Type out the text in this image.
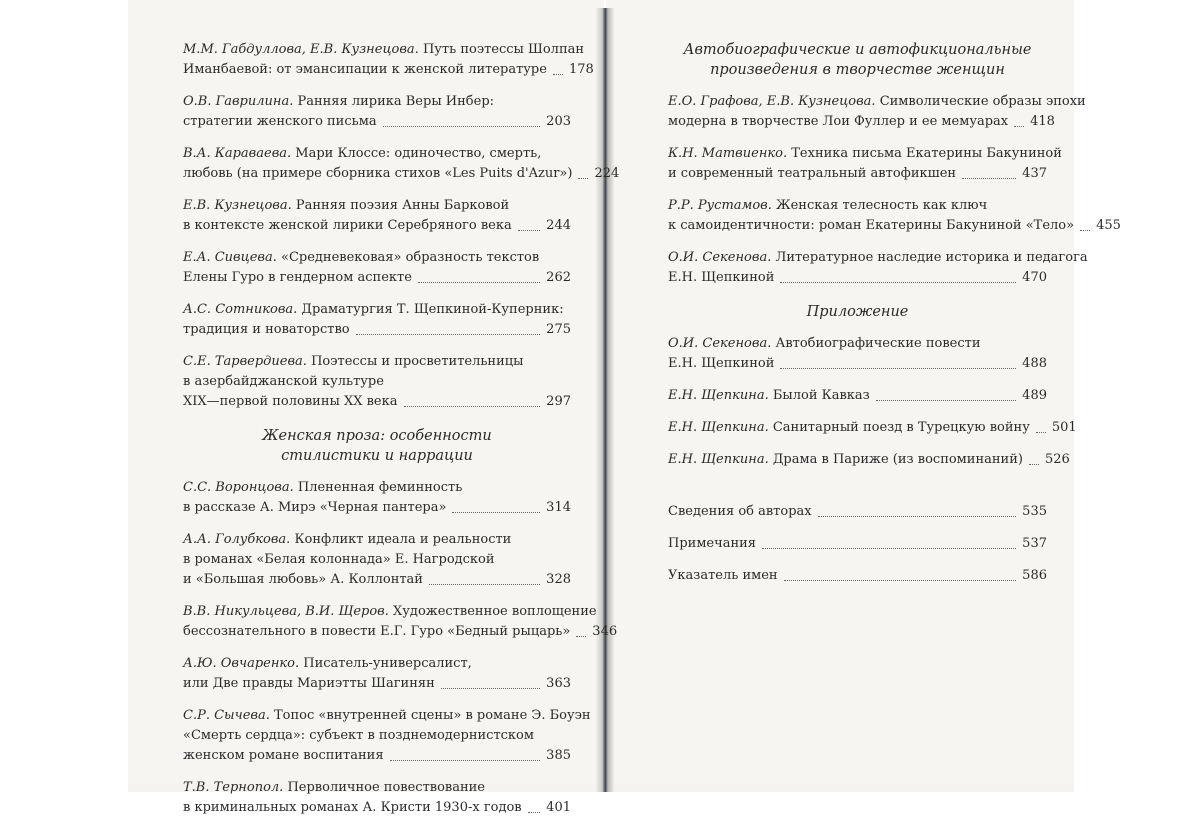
М.М. Габдуллова, Е.В. Кузнецова. Путь поэтессы Шолпан
Иманбаевой: от эмансипации к женской литературе 178
О.В. Гаврилина. Ранняя лирика Веры Инбер:
стратегии женского письма	203
В.А. Караваева. Мари Клоссе: одиночество, смерть,
любовь (на примере сборника стихов «Les Puits d'Azur») 224
Е.В. Кузнецова. Ранняя поэзия Анны Барковой
в контексте женской лирики Серебряного века	244
Е.А. Сивцева. «Средневековая» образность текстов
Елены Гуро в гендерном аспекте	262
А.С. Сотникова. Драматургия Т. Щепкиной-Куперник:
традиция и новаторство	275
С.Е. Тарвердиева. Поэтессы и просветительницы
в азербайджанской культуре
XIX—первой половины XX века	297
Женская проза: особенности
стилистики и наррации
С.С. Воронцова. Плененная феминность
в рассказе А. Мирэ «Черная пантера»	314
А.А. Голубкова. Конфликт идеала и реальности
в романах «Белая колоннада» Е. Нагродской
и «Большая любовь» А. Коллонтай	328
В.В. Никульцева, В.И. Щеров. Художественное воплощение
бессознательного в повести Е.Г. Гуро «Бедный рыцарь» 346
А.Ю. Овчаренко. Писатель-универсалист,
или Две правды Мариэтты Шагинян	363
С.Р. Сычева. Топос «внутренней сцены» в романе Э. Боуэн
«Смерть сердца»: субъект в позднемодернистском
женском романе воспитания	385
Т.В. Тернопол. Перволичное повествование
в криминальных романах А. Кристи 1930-х годов 401
Автобиографические и автофикциональные
произведения в творчестве женщин
Е.О. Графова, Е.В. Кузнецова. Символические образы эпохи
модерна в творчестве Лои Фуллер и ее мемуарах 418
К.Н. Матвиенко. Техника письма Екатерины Бакуниной
и современный театральный автофикшен	437
Р.Р. Рустамов. Женская телесность как ключ
к самоидентичности: роман Екатерины Бакуниной «Тело» 455
О.И. Секенова. Литературное наследие историка и педагога
Е.Н. Щепкиной	470
Приложение
О.И. Секенова. Автобиографические повести
Е.Н. Щепкиной	488
Е.Н. Щепкина. Былой Кавказ	489
Е.Н. Щепкина. Санитарный поезд в Турецкую войну 501
Е.Н. Щепкина. Драма в Париже (из воспоминаний) 526
Сведения об авторах	535
Примечания	537
Указатель имен	586
